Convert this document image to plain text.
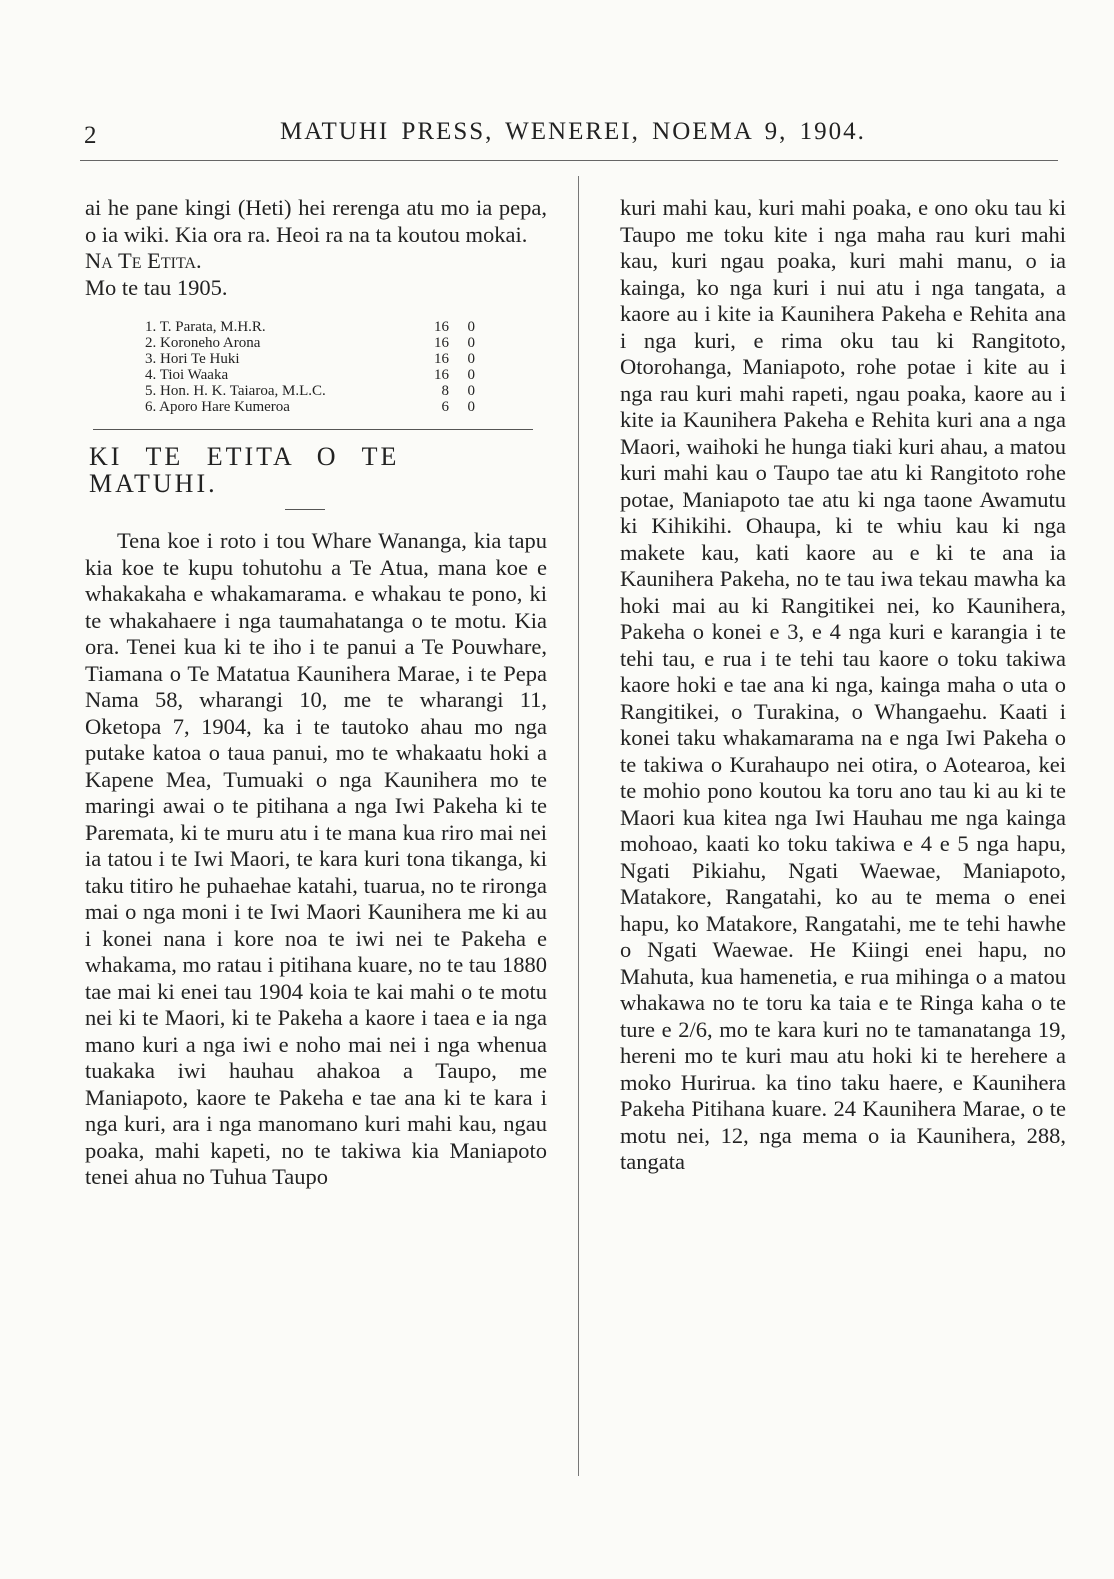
2	MATUHI PRESS, WENEREI, NOEMA 9, 1904.

ai he pane kingi (Heti) hei rerenga atu mo ia pepa, o ia wiki. Kia ora ra. Heoi ra na ta koutou mokai.

Na Te Etita.

Mo te tau 1905.

1. T. Parata, M.H.R.	16	0
2. Koroneho Arona	16	0
3. Hori Te Huki	16	0
4. Tioi Waaka	16	0
5. Hon. H. K. Taiaroa, M.L.C.	8	0
6. Aporo Hare Kumeroa	6	0
KI TE ETITA O TE MATUHI.

Tena koe i roto i tou Whare Wananga, kia tapu kia koe te kupu tohutohu a Te Atua, mana koe e whakakaha e whakamarama. e whakau te pono, ki te whakahaere i nga taumahatanga o te motu. Kia ora. Tenei kua ki te iho i te panui a Te Pouwhare, Tiamana o Te Matatua Kaunihera Marae, i te Pepa Nama 58, wharangi 10, me te wharangi 11, Oketopa 7, 1904, ka i te tautoko ahau mo nga putake katoa o taua panui, mo te whakaatu hoki a Kapene Mea, Tumuaki o nga Kaunihera mo te maringi awai o te pitihana a nga Iwi Pakeha ki te Paremata, ki te muru atu i te mana kua riro mai nei ia tatou i te Iwi Maori, te kara kuri tona tikanga, ki taku titiro he puhaehae katahi, tuarua, no te rironga mai o nga moni i te Iwi Maori Kaunihera me ki au i konei nana i kore noa te iwi nei te Pakeha e whakama, mo ratau i pitihana kuare, no te tau 1880 tae mai ki enei tau 1904 koia te kai mahi o te motu nei ki te Maori, ki te Pakeha a kaore i taea e ia nga mano kuri a nga iwi e noho mai nei i nga whenua tuakaka iwi hauhau ahakoa a Taupo, me Maniapoto, kaore te Pakeha e tae ana ki te kara i nga kuri, ara i nga manomano kuri mahi kau, ngau poaka, mahi kapeti, no te takiwa kia Maniapoto tenei ahua no Tuhua Taupo

kuri mahi kau, kuri mahi poaka, e ono oku tau ki Taupo me toku kite i nga maha rau kuri mahi kau, kuri ngau poaka, kuri mahi manu, o ia kainga, ko nga kuri i nui atu i nga tangata, a kaore au i kite ia Kaunihera Pakeha e Rehita ana i nga kuri, e rima oku tau ki Rangitoto, Otorohanga, Maniapoto, rohe potae i kite au i nga rau kuri mahi rapeti, ngau poaka, kaore au i kite ia Kaunihera Pakeha e Rehita kuri ana a nga Maori, waihoki he hunga tiaki kuri ahau, a matou kuri mahi kau o Taupo tae atu ki Rangitoto rohe potae, Maniapoto tae atu ki nga taone Awamutu ki Kihikihi. Ohaupa, ki te whiu kau ki nga makete kau, kati kaore au e ki te ana ia Kaunihera Pakeha, no te tau iwa tekau mawha ka hoki mai au ki Rangitikei nei, ko Kaunihera, Pakeha o konei e 3, e 4 nga kuri e karangia i te tehi tau, e rua i te tehi tau kaore o toku takiwa kaore hoki e tae ana ki nga, kainga maha o uta o Rangitikei, o Turakina, o Whangaehu. Kaati i konei taku whakamarama na e nga Iwi Pakeha o te takiwa o Kurahaupo nei otira, o Aotearoa, kei te mohio pono koutou ka toru ano tau ki au ki te Maori kua kitea nga Iwi Hauhau me nga kainga mohoao, kaati ko toku takiwa e 4 e 5 nga hapu, Ngati Pikiahu, Ngati Waewae, Maniapoto, Matakore, Rangatahi, ko au te mema o enei hapu, ko Matakore, Rangatahi, me te tehi hawhe o Ngati Waewae. He Kiingi enei hapu, no Mahuta, kua hamenetia, e rua mihinga o a matou whakawa no te toru ka taia e te Ringa kaha o te ture e 2/6, mo te kara kuri no te tamanatanga 19, hereni mo te kuri mau atu hoki ki te herehere a moko Hurirua. ka tino taku haere, e Kaunihera Pakeha Pitihana kuare. 24 Kaunihera Marae, o te motu nei, 12, nga mema o ia Kaunihera, 288, tangata
